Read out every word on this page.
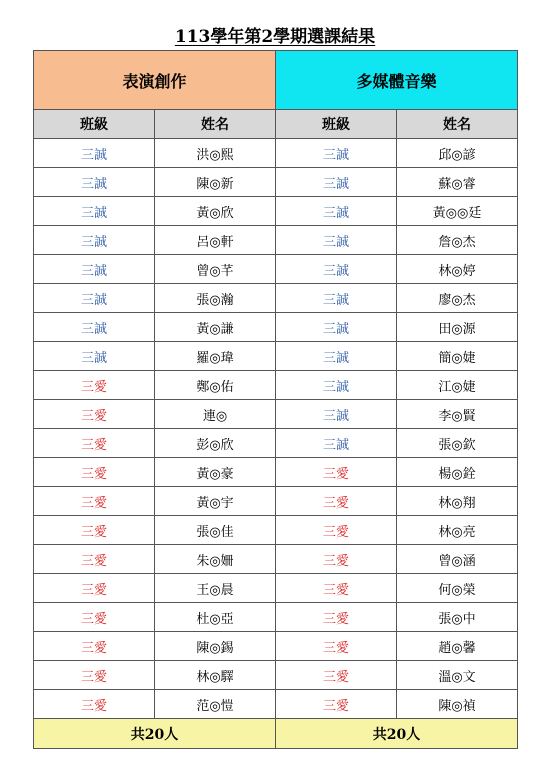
113學年第2學期選課結果
表演創作		多媒體音樂	
班級	姓名	班級	姓名
三誠	洪◎熙	三誠	邱◎諺
三誠	陳◎新	三誠	蘇◎睿
三誠	黃◎欣	三誠	黃◎◎廷
三誠	呂◎軒	三誠	詹◎杰
三誠	曾◎芊	三誠	林◎婷
三誠	張◎瀚	三誠	廖◎杰
三誠	黃◎謙	三誠	田◎源
三誠	羅◎瑋	三誠	簡◎婕
三愛	鄭◎佑	三誠	江◎婕
三愛	連◎	三誠	李◎賢
三愛	彭◎欣	三誠	張◎欽
三愛	黃◎豪	三愛	楊◎銓
三愛	黃◎宇	三愛	林◎翔
三愛	張◎佳	三愛	林◎亮
三愛	朱◎姍	三愛	曾◎涵
三愛	王◎晨	三愛	何◎榮
三愛	杜◎亞	三愛	張◎中
三愛	陳◎錫	三愛	趙◎馨
三愛	林◎驛	三愛	溫◎文
三愛	范◎愷	三愛	陳◎禎
共20人		共20人	
